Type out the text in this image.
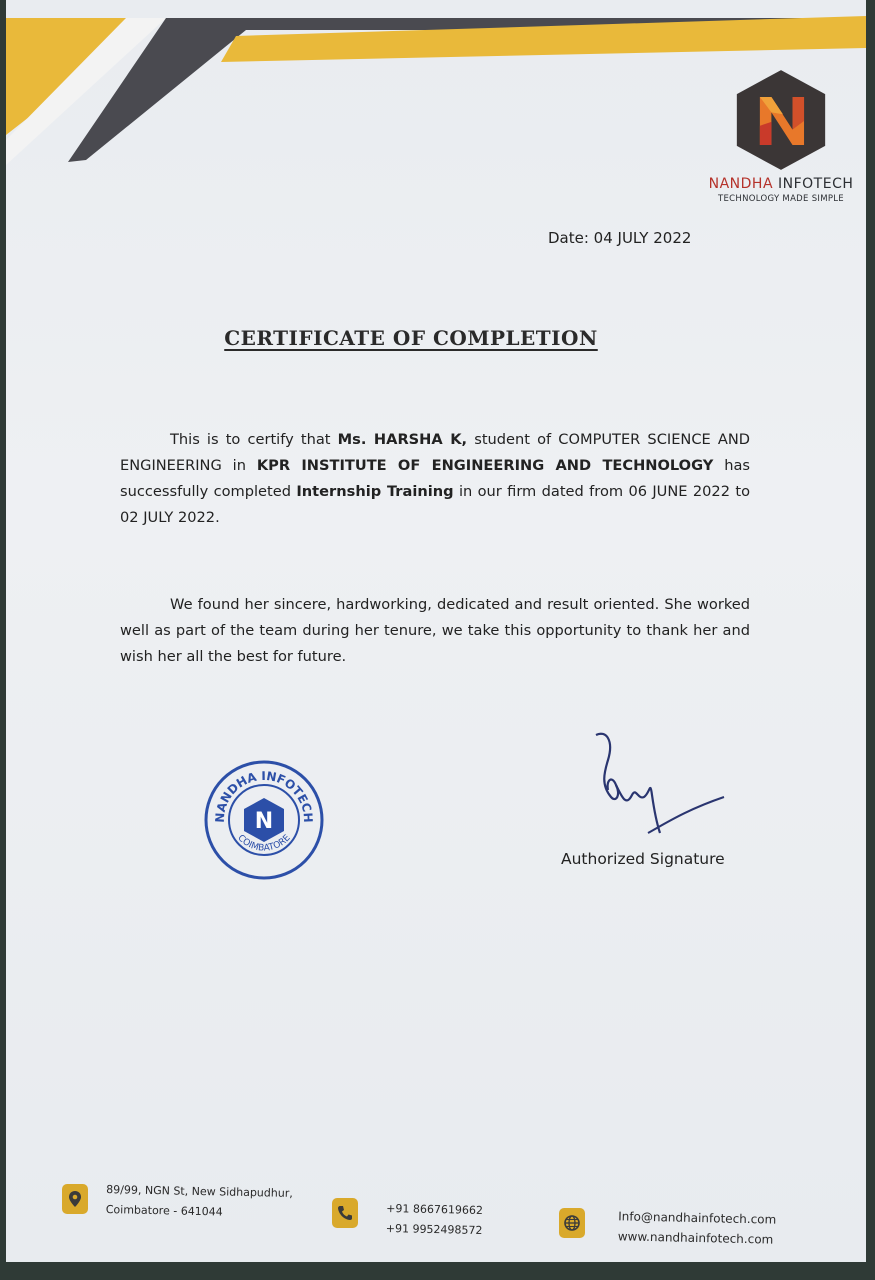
NANDHA INFOTECH
TECHNOLOGY MADE SIMPLE
Date: 04 JULY 2022
CERTIFICATE OF COMPLETION
This is to certify that Ms. HARSHA K, student of COMPUTER SCIENCE AND ENGINEERING in KPR INSTITUTE OF ENGINEERING AND TECHNOLOGY has successfully completed Internship Training in our firm dated from 06 JUNE 2022 to 02 JULY 2022.
We found her sincere, hardworking, dedicated and result oriented. She worked well as part of the team during her tenure, we take this opportunity to thank her and wish her all the best for future.
NANDHA INFOTECH
COIMBATORE
N
Authorized Signature
89/99, NGN St, New Sidhapudhur,
Coimbatore - 641044	+91 8667619662
+91 9952498572
Info@nandhainfotech.com
www.nandhainfotech.com
